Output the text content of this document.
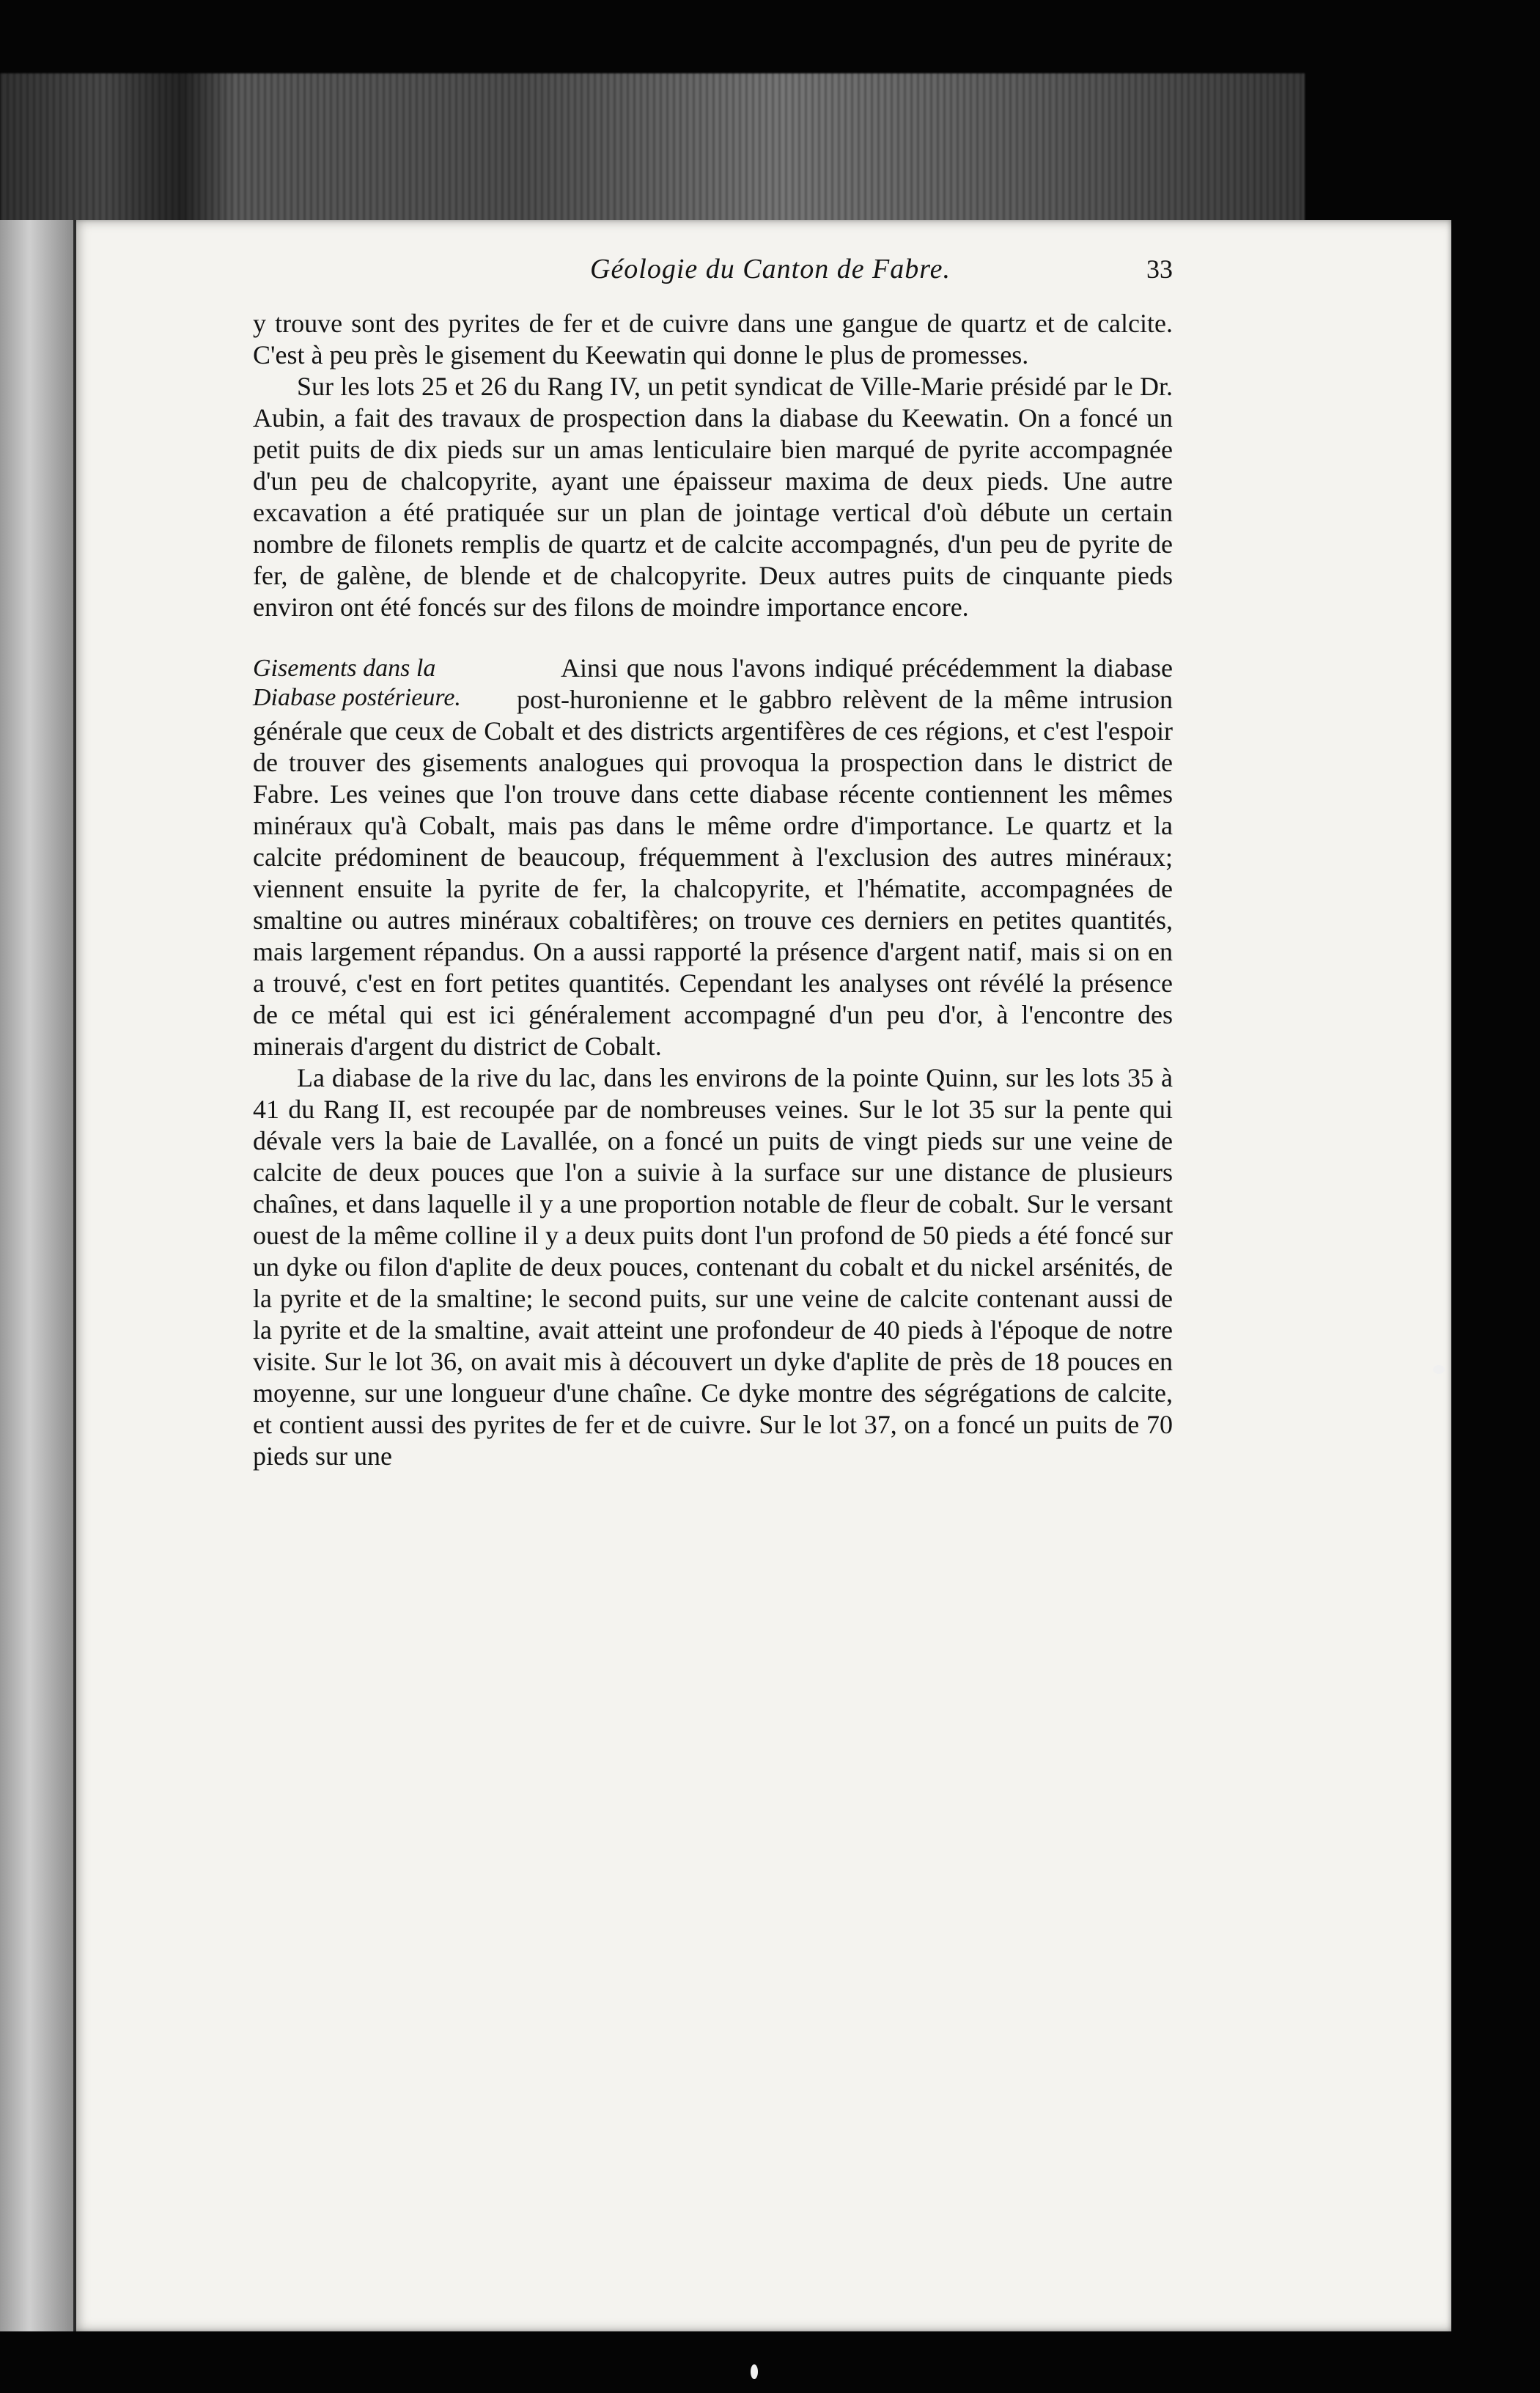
Géologie du Canton de Fabre.	33

y trouve sont des pyrites de fer et de cuivre dans une gangue de quartz et de calcite. C'est à peu près le gisement du Keewatin qui donne le plus de promesses.

Sur les lots 25 et 26 du Rang IV, un petit syndicat de Ville-Marie présidé par le Dr. Aubin, a fait des travaux de prospection dans la diabase du Keewatin. On a foncé un petit puits de dix pieds sur un amas lenticulaire bien marqué de pyrite accompagnée d'un peu de chalcopyrite, ayant une épaisseur maxima de deux pieds. Une autre excavation a été pratiquée sur un plan de jointage vertical d'où débute un certain nombre de filonets remplis de quartz et de calcite accompagnés, d'un peu de pyrite de fer, de galène, de blende et de chalcopyrite. Deux autres puits de cinquante pieds environ ont été foncés sur des filons de moindre importance encore.

Gisements dans la Diabase postérieure.

Ainsi que nous l'avons indiqué précédemment la diabase post-huronienne et le gabbro relèvent de la même intrusion générale que ceux de Cobalt et des districts argentifères de ces régions, et c'est l'espoir de trouver des gisements analogues qui provoqua la prospection dans le district de Fabre. Les veines que l'on trouve dans cette diabase récente contiennent les mêmes minéraux qu'à Cobalt, mais pas dans le même ordre d'importance. Le quartz et la calcite prédominent de beaucoup, fréquemment à l'exclusion des autres minéraux; viennent ensuite la pyrite de fer, la chalcopyrite, et l'hématite, accompagnées de smaltine ou autres minéraux cobaltifères; on trouve ces derniers en petites quantités, mais largement répandus. On a aussi rapporté la présence d'argent natif, mais si on en a trouvé, c'est en fort petites quantités. Cependant les analyses ont révélé la présence de ce métal qui est ici généralement accompagné d'un peu d'or, à l'encontre des minerais d'argent du district de Cobalt.

La diabase de la rive du lac, dans les environs de la pointe Quinn, sur les lots 35 à 41 du Rang II, est recoupée par de nombreuses veines. Sur le lot 35 sur la pente qui dévale vers la baie de Lavallée, on a foncé un puits de vingt pieds sur une veine de calcite de deux pouces que l'on a suivie à la surface sur une distance de plusieurs chaînes, et dans laquelle il y a une proportion notable de fleur de cobalt. Sur le versant ouest de la même colline il y a deux puits dont l'un profond de 50 pieds a été foncé sur un dyke ou filon d'aplite de deux pouces, contenant du cobalt et du nickel arsénités, de la pyrite et de la smaltine; le second puits, sur une veine de calcite contenant aussi de la pyrite et de la smaltine, avait atteint une profondeur de 40 pieds à l'époque de notre visite. Sur le lot 36, on avait mis à découvert un dyke d'aplite de près de 18 pouces en moyenne, sur une longueur d'une chaîne. Ce dyke montre des ségrégations de calcite, et contient aussi des pyrites de fer et de cuivre. Sur le lot 37, on a foncé un puits de 70 pieds sur une
